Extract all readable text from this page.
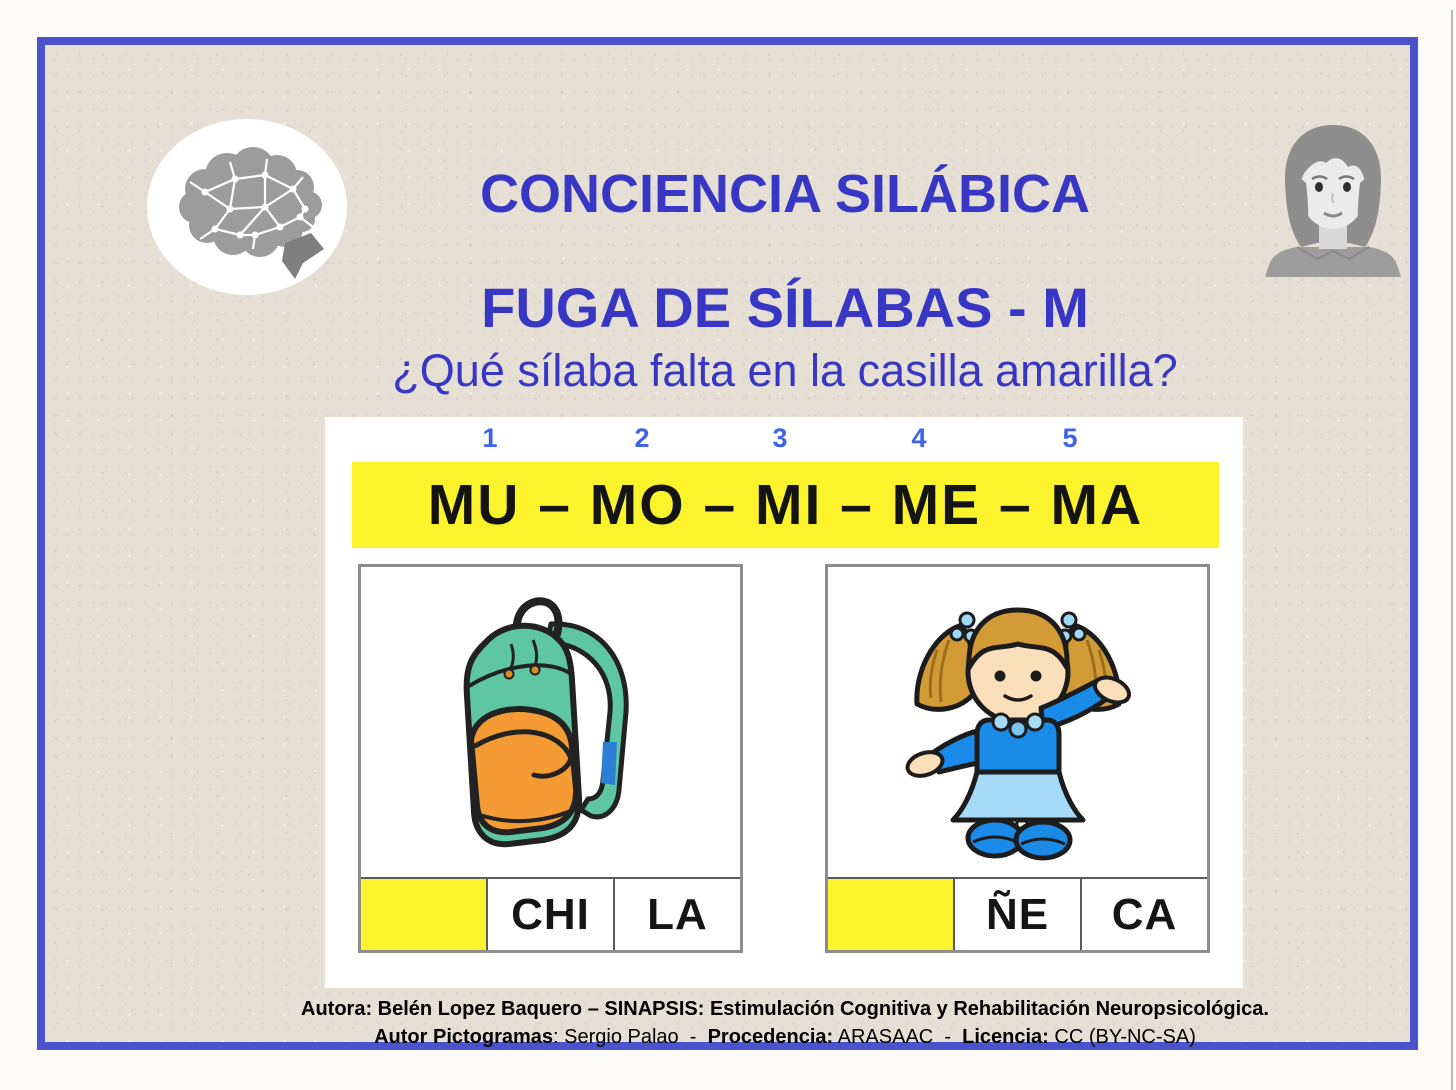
CONCIENCIA SILÁBICA
FUGA DE SÍLABAS - M
¿Qué sílaba falta en la casilla amarilla?
1	2	3	4	5
MU – MO – MI – ME – MA
CHI	LA	ÑE	CA
Autora: Belén Lopez Baquero – SINAPSIS: Estimulación Cognitiva y Rehabilitación Neuropsicológica.
Autor Pictogramas: Sergio Palao  -  Procedencia: ARASAAC  -  Licencia: CC (BY-NC-SA)
